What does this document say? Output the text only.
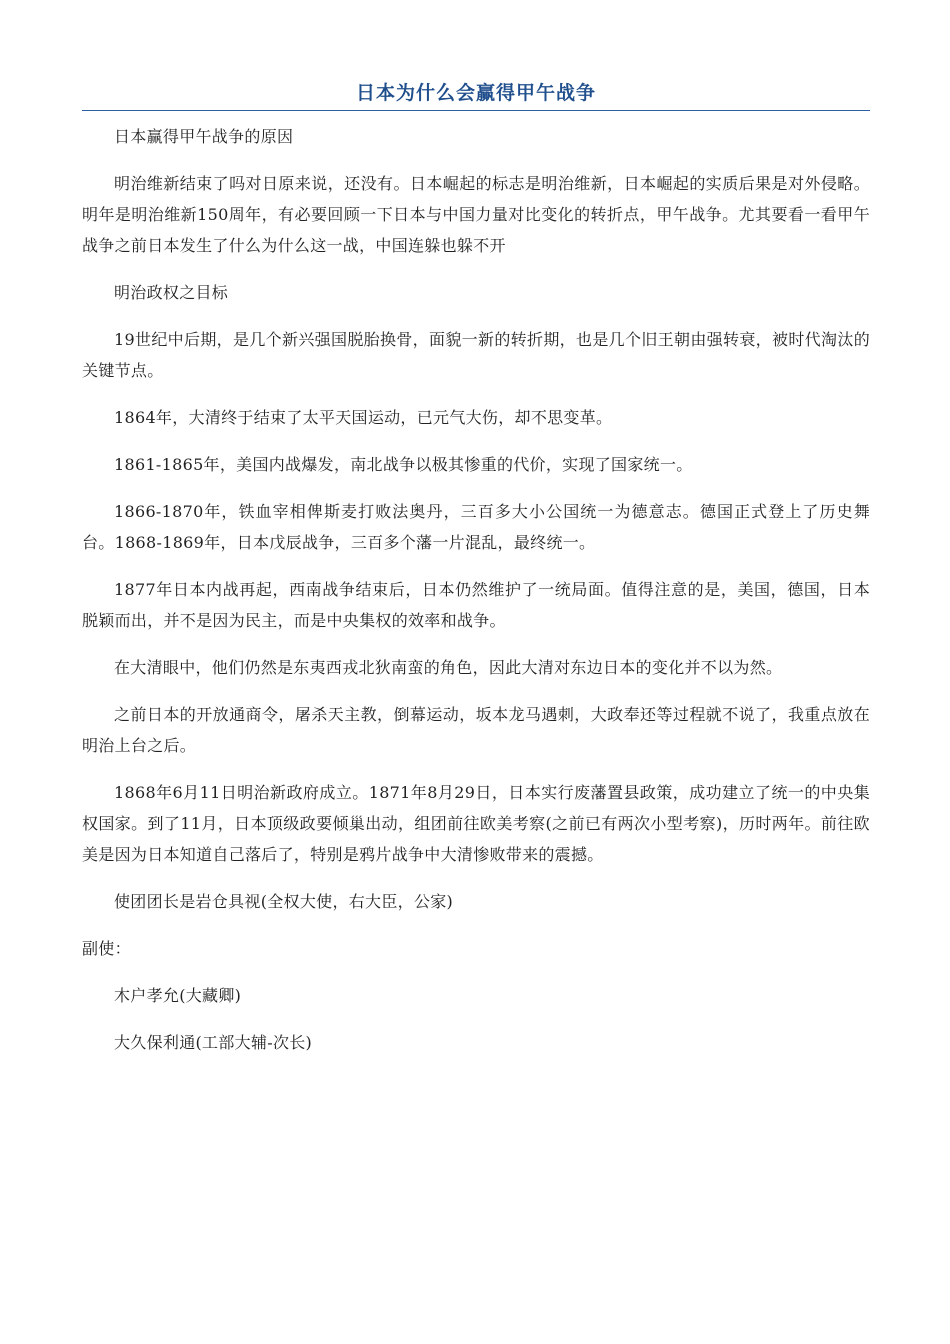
日本为什么会赢得甲午战争

日本赢得甲午战争的原因

明治维新结束了吗对日原来说，还没有。日本崛起的标志是明治维新，日本崛起的实质后果是对外侵略。明年是明治维新150周年，有必要回顾一下日本与中国力量对比变化的转折点，甲午战争。尤其要看一看甲午战争之前日本发生了什么为什么这一战，中国连躲也躲不开

明治政权之目标

19世纪中后期，是几个新兴强国脱胎换骨，面貌一新的转折期，也是几个旧王朝由强转衰，被时代淘汰的关键节点。

1864年，大清终于结束了太平天国运动，已元气大伤，却不思变革。

1861-1865年，美国内战爆发，南北战争以极其惨重的代价，实现了国家统一。

1866-1870年，铁血宰相俾斯麦打败法奥丹，三百多大小公国统一为德意志。德国正式登上了历史舞台。1868-1869年，日本戊辰战争，三百多个藩一片混乱，最终统一。

1877年日本内战再起，西南战争结束后，日本仍然维护了一统局面。值得注意的是，美国，德国，日本脱颖而出，并不是因为民主，而是中央集权的效率和战争。

在大清眼中，他们仍然是东夷西戎北狄南蛮的角色，因此大清对东边日本的变化并不以为然。

之前日本的开放通商令，屠杀天主教，倒幕运动，坂本龙马遇刺，大政奉还等过程就不说了，我重点放在明治上台之后。

1868年6月11日明治新政府成立。1871年8月29日，日本实行废藩置县政策，成功建立了统一的中央集权国家。到了11月，日本顶级政要倾巢出动，组团前往欧美考察(之前已有两次小型考察)，历时两年。前往欧美是因为日本知道自己落后了，特别是鸦片战争中大清惨败带来的震撼。

使团团长是岩仓具视(全权大使，右大臣，公家)

副使：

木户孝允(大藏卿)

大久保利通(工部大辅-次长)
